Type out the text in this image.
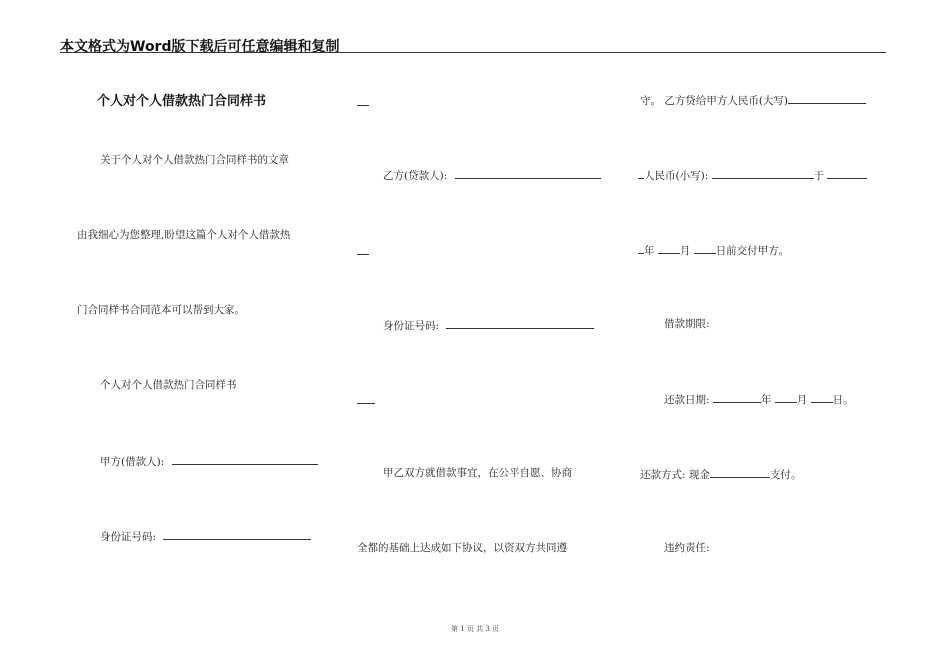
本文格式为Word版下载后可任意编辑和复制
个人对个人借款热门合同样书
关于个人对个人借款热门合同样书的文章
由我细心为您整理,盼望这篇个人对个人借款热
门合同样书合同范本可以帮到大家。
个人对个人借款热门合同样书
甲方(借款人):
身份证号码:
乙方(贷款人):
身份证号码:
甲乙双方就借款事宜，在公平自愿、协商
全都的基础上达成如下协议，以资双方共同遵
守。 乙方贷给甲方人民币(大写)
人民币(小写):	于
年 月 日前交付甲方。
借款期限:
还款日期:	年 月 日。
还款方式: 现金	支付。
违约责任:
第 1 页 共 3 页
